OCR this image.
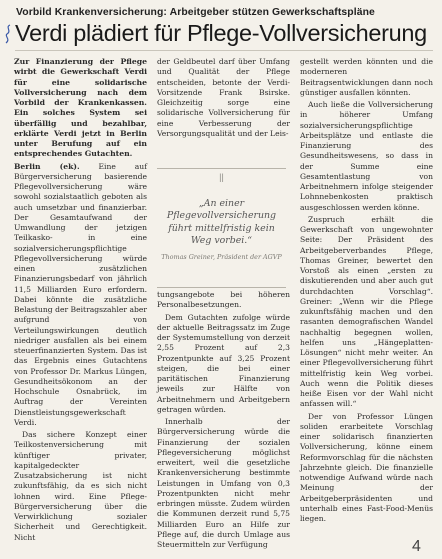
Vorbild Krankenversicherung: Arbeitgeber stützen Gewerkschaftspläne
Verdi plädiert für Pflege-Vollversicherung

Zur Finanzierung der Pflege wirbt die Gewerkschaft Verdi für eine solidarische Vollversicherung nach dem Vorbild der Krankenkassen. Ein solches System sei überfällig und bezahlbar, erklärte Verdi jetzt in Berlin unter Berufung auf ein entsprechendes Gutachten.

Berlin (ek). Eine auf Bürgerversicherung basierende Pflegevollversicherung wäre sowohl sozialstaatlich geboten als auch umsetzbar und finanzierbar. Der Gesamtaufwand der Umwandlung der jetzigen Teilkasko- in eine sozialversicherungspflichtige Pflegevollversicherung würde einen zusätzlichen Finanzierungsbedarf von jährlich 11,5 Milliarden Euro erfordern. Dabei könnte die zusätzliche Belastung der Beitragszahler aber aufgrund von Verteilungswirkungen deutlich niedriger ausfallen als bei einem steuerfinanzierten System. Das ist das Ergebnis eines Gutachtens von Professor Dr. Markus Lüngen, Gesundheitsökonom an der Hochschule Osnabrück, im Auftrag der Vereinten Dienstleistungsgewerkschaft Verdi.

Das sichere Konzept einer Teilkostenversicherung mit künftiger privater, kapitalgedeckter Zusatzabsicherung ist nicht zukunftsfähig, da es sich nicht lohnen wird. Eine Pflege-Bürgerversicherung über die Verwirklichung sozialer Sicherheit und Gerechtigkeit. Nicht

der Geldbeutel darf über Umfang und Qualität der Pflege entscheiden, betonte der Verdi-Vorsitzende Frank Bsirske. Gleichzeitig sorge eine solidarische Vollversicherung für eine Verbesserung der Versorgungsqualität und der Leis-

||
„An einer Pflegevollversicherung führt mittelfristig kein Weg vorbei.“
Thomas Greiner, Präsident der AGVP

tungsangebote bei höheren Personalbesetzungen.

Dem Gutachten zufolge würde der aktuelle Beitragssatz im Zuge der Systemumstellung von derzeit 2,55 Prozent auf 2,3 Prozentpunkte auf 3,25 Prozent steigen, die bei einer paritätischen Finanzierung jeweils zur Hälfte von Arbeitnehmern und Arbeitgebern getragen würden.

Innerhalb der Bürgerversicherung würde die Finanzierung der sozialen Pflegeversicherung möglichst erweitert, weil die gesetzliche Krankenversicherung bestimmte Leistungen in Umfang von 0,3 Prozentpunkten nicht mehr erbringen müsste. Zudem würden die Kommunen derzeit rund 5,75 Milliarden Euro an Hilfe zur Pflege auf, die durch Umlage aus Steuermitteln zur Verfügung

gestellt werden könnten und die moderneren Beitragsentwicklungen dann noch günstiger ausfallen könnten.

Auch ließe die Vollversicherung in höherer Umfang sozialversicherungspflichtige Arbeitsplätze und entlaste die Finanzierung des Gesundheitswesens, so dass in der Summe eine Gesamtentlastung von Arbeitnehmern infolge steigender Lohnnebenkosten praktisch ausgeschlossen werden könne.

Zuspruch erhält die Gewerkschaft von ungewohnter Seite: Der Präsident des Arbeitgeberverbandes Pflege, Thomas Greiner, bewertet den Vorstoß als einen „ersten zu diskutierenden und aber auch gut durchdachten Vorschlag“. Greiner: „Wenn wir die Pflege zukunftsfähig machen und den rasanten demografischen Wandel nachhaltig begegnen wollen, helfen uns „Hängeplatten-Lösungen“ nicht mehr weiter. An einer Pflegevollversicherung führt mittelfristig kein Weg vorbei. Auch wenn die Politik dieses heiße Eisen vor der Wahl nicht anfassen will.“

Der von Professor Lüngen soliden erarbeitete Vorschlag einer solidarisch finanzierten Vollversicherung, könne einem Reformvorschlag für die nächsten Jahrzehnte gleich. Die finanzielle notwendige Aufwand würde nach Meinung der Arbeitgeberpräsidenten und unterhalb eines Fast-Food-Menüs liegen.

4
